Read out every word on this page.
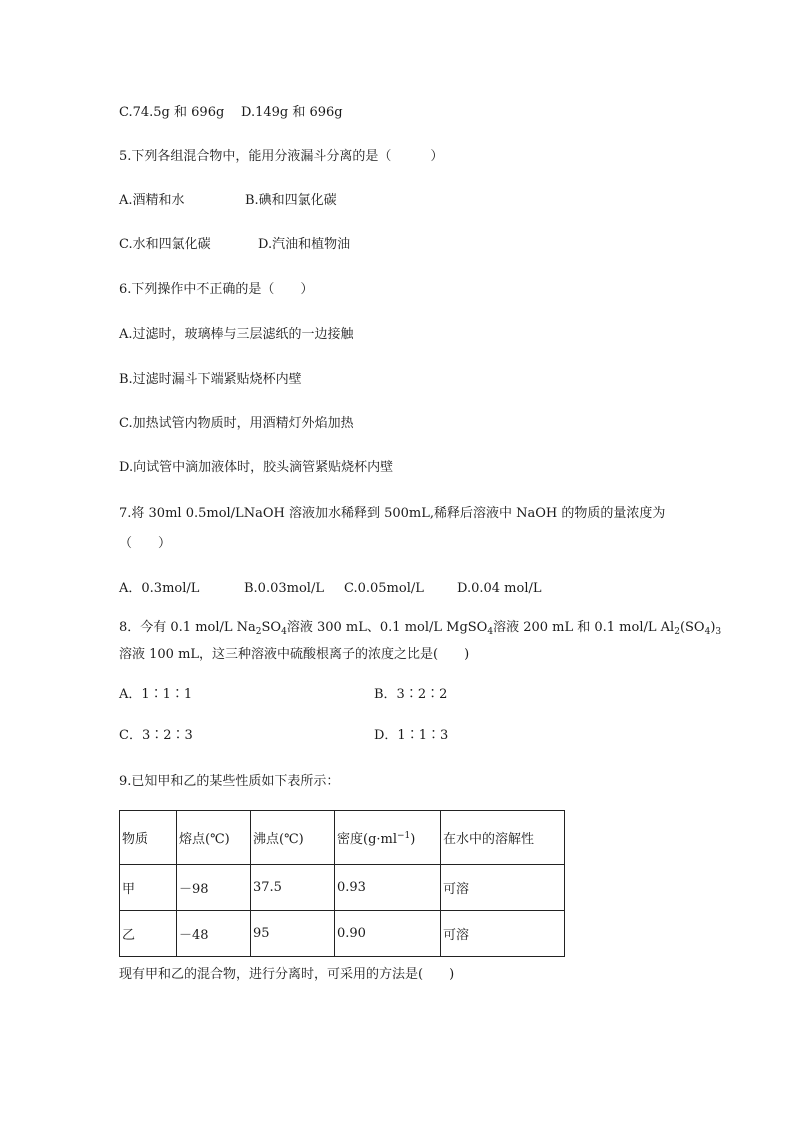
C.74.5g 和 696g D.149g 和 696g
5.下列各组混合物中，能用分液漏斗分离的是（　　　）
A.酒精和水	B.碘和四氯化碳
C.水和四氯化碳	D.汽油和植物油
6.下列操作中不正确的是（　　）
A.过滤时，玻璃棒与三层滤纸的一边接触
B.过滤时漏斗下端紧贴烧杯内壁
C.加热试管内物质时，用酒精灯外焰加热
D.向试管中滴加液体时，胶头滴管紧贴烧杯内壁
7.将 30ml 0.5mol/LNaOH 溶液加水稀释到 500mL,稀释后溶液中 NaOH 的物质的量浓度为
（　　）
A．0.3mol/L	B.0.03mol/L C.0.05mol/L	D.0.04 mol/L
8．今有 0.1 mol/L $Na_2SO_4$溶液 300 mL、0.1 mol/L MgSO$_4$溶液 200 mL 和 0.1 mol/L $Al_2(SO_4)_3$
溶液 100 mL，这三种溶液中硫酸根离子的浓度之比是(　　)
A．1∶1∶1	B．3∶2∶2
C．3∶2∶3	D．1∶1∶3
9.已知甲和乙的某些性质如下表所示：
物质	熔点(℃)	沸点(℃)	密度$(g\cdot ml^{-1})$	在水中的溶解性
甲	－98	37.5	0.93	可溶
乙	－48	95	0.90	可溶
现有甲和乙的混合物，进行分离时，可采用的方法是(　　)
